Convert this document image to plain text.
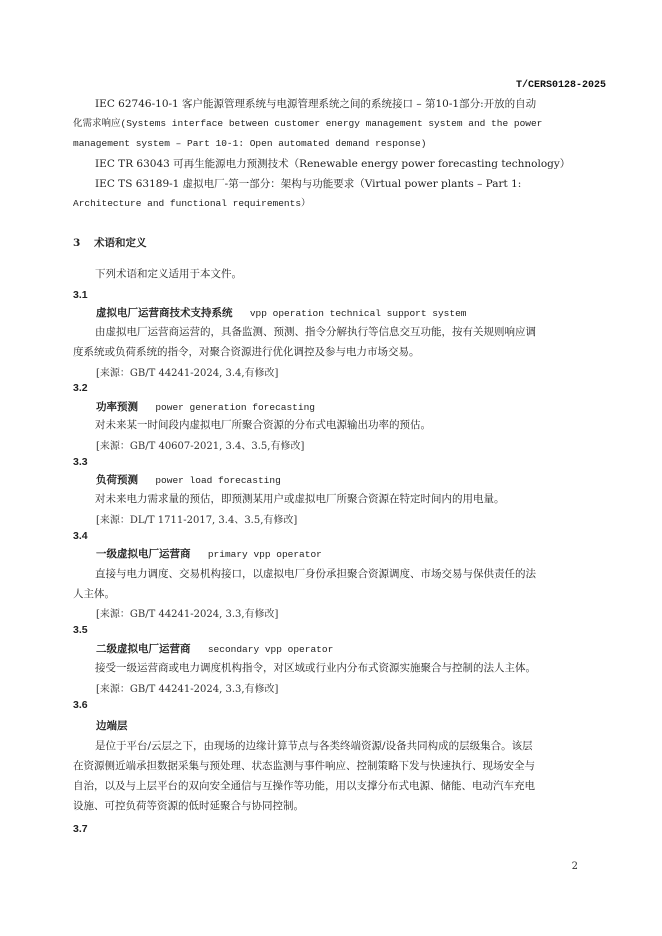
T/CERS0128-2025

IEC 62746-10-1 客户能源管理系统与电源管理系统之间的系统接口 – 第10-1部分:开放的自动

化需求响应(Systems interface between customer energy management system and the power

management system – Part 10-1: Open automated demand response)

IEC TR 63043 可再生能源电力预测技术（Renewable energy power forecasting technology）

IEC TS 63189-1 虚拟电厂-第一部分：架构与功能要求（Virtual power plants – Part 1:

Architecture and functional requirements）

3 术语和定义

下列术语和定义适用于本文件。

3.1
虚拟电厂运营商技术支持系统 vpp operation technical support system

由虚拟电厂运营商运营的，具备监测、预测、指令分解执行等信息交互功能，按有关规则响应调

度系统或负荷系统的指令，对聚合资源进行优化调控及参与电力市场交易。

[来源：GB/T 44241-2024, 3.4,有修改]
3.2
功率预测 power generation forecasting

对未来某一时间段内虚拟电厂所聚合资源的分布式电源输出功率的预估。

[来源：GB/T 40607-2021, 3.4、3.5,有修改]
3.3
负荷预测 power load forecasting

对未来电力需求量的预估，即预测某用户或虚拟电厂所聚合资源在特定时间内的用电量。

[来源：DL/T 1711-2017, 3.4、3.5,有修改]
3.4
一级虚拟电厂运营商 primary vpp operator

直接与电力调度、交易机构接口，以虚拟电厂身份承担聚合资源调度、市场交易与保供责任的法

人主体。

[来源：GB/T 44241-2024, 3.3,有修改]
3.5
二级虚拟电厂运营商 secondary vpp operator

接受一级运营商或电力调度机构指令，对区域或行业内分布式资源实施聚合与控制的法人主体。

[来源：GB/T 44241-2024, 3.3,有修改]
3.6
边端层

是位于平台/云层之下，由现场的边缘计算节点与各类终端资源/设备共同构成的层级集合。该层

在资源侧近端承担数据采集与预处理、状态监测与事件响应、控制策略下发与快速执行、现场安全与

自治，以及与上层平台的双向安全通信与互操作等功能，用以支撑分布式电源、储能、电动汽车充电

设施、可控负荷等资源的低时延聚合与协同控制。

3.7
2
